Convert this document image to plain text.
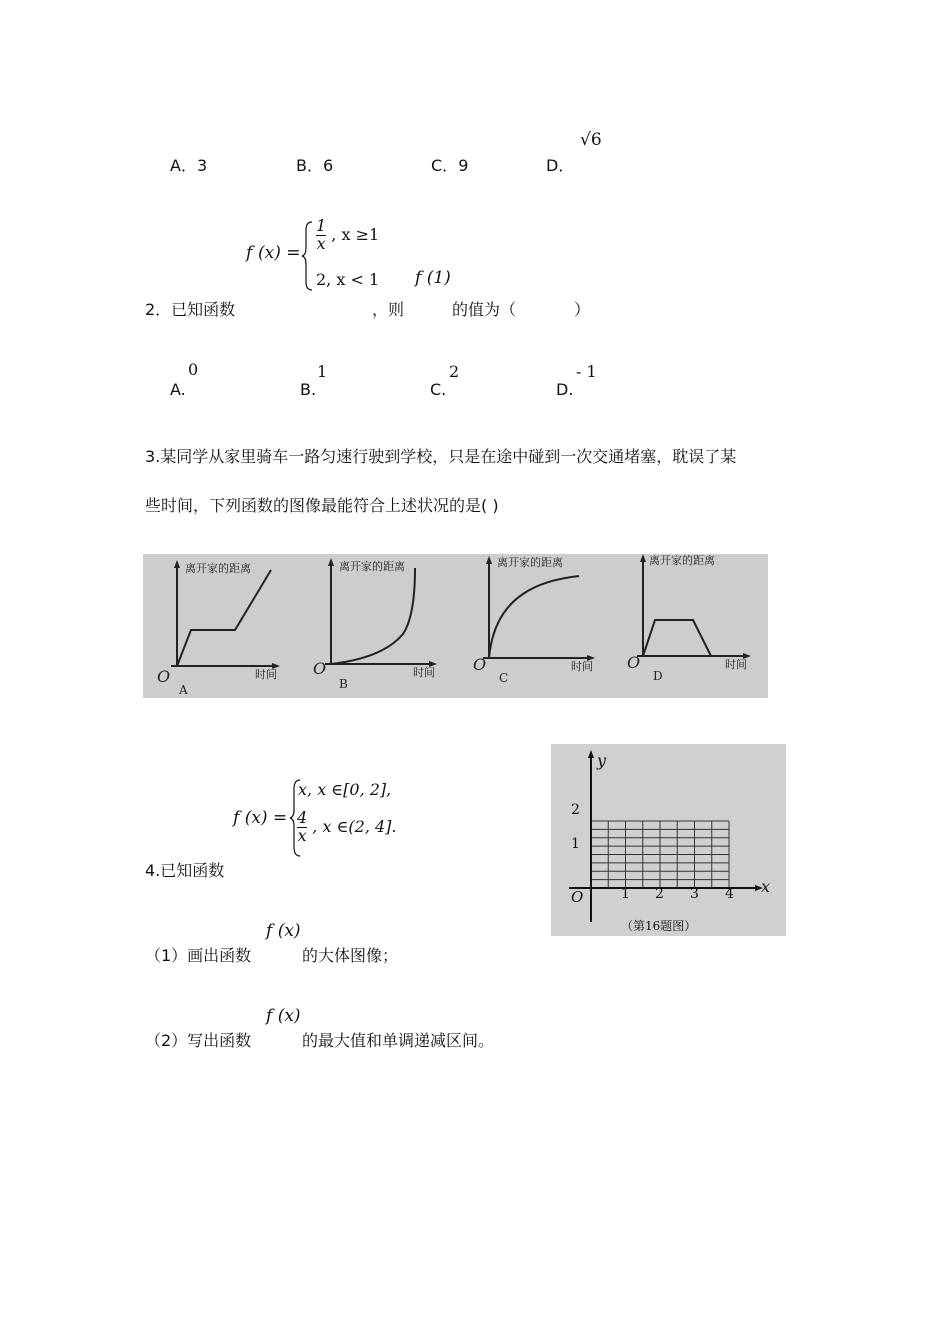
A．3	B．6	C．9	D．
√6
f (x) =
$\frac{1}{x}$ , x ≥1
2, x < 1 f (1)
2．已知函数	，则	的值为（	）
A.
0
B.
1
C.
2
D.
- 1
3.某同学从家里骑车一路匀速行驶到学校，只是在途中碰到一次交通堵塞，耽误了某
些时间，下列函数的图像最能符合上述状况的是( )
离开家的距离
时间
O
A
离开家的距离
时间
O
B
离开家的距离
时间
O
C
离开家的距离
时间
O
D
f (x) =
x, x ∈[0, 2],
$\frac{4}{x}$ , x ∈(2, 4].
4.已知函数
y
x
O	1 2 3 4
1
2
（第16题图）
f (x)
（1）画出函数	的大体图像；
f (x)
（2）写出函数	的最大值和单调递减区间。
